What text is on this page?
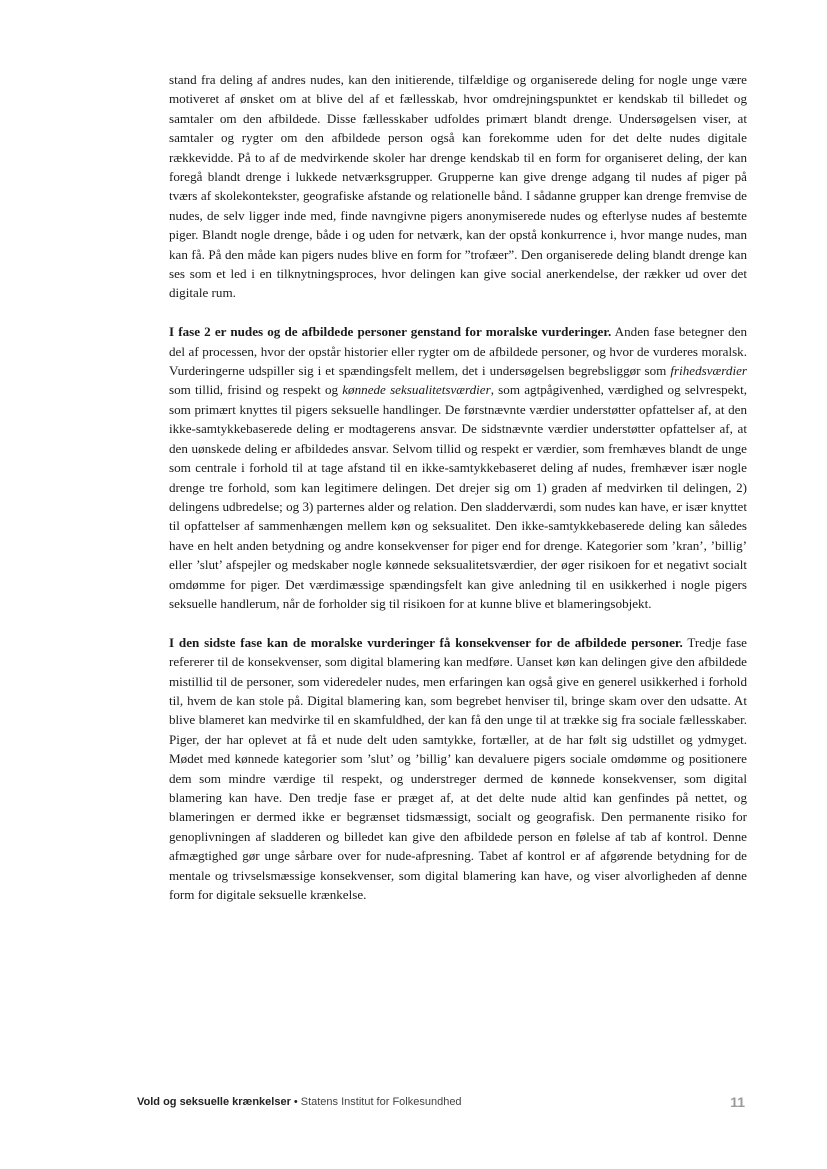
stand fra deling af andres nudes, kan den initierende, tilfældige og organiserede deling for nogle unge være motiveret af ønsket om at blive del af et fællesskab, hvor omdrejningspunktet er kendskab til billedet og samtaler om den afbildede. Disse fællesskaber udfoldes primært blandt drenge. Undersøgelsen viser, at samtaler og rygter om den afbildede person også kan forekomme uden for det delte nudes digitale rækkevidde. På to af de medvirkende skoler har drenge kendskab til en form for organiseret deling, der kan foregå blandt drenge i lukkede netværksgrupper. Grupperne kan give drenge adgang til nudes af piger på tværs af skolekontekster, geografiske afstande og relationelle bånd. I sådanne grupper kan drenge fremvise de nudes, de selv ligger inde med, finde navngivne pigers anonymiserede nudes og efterlyse nudes af bestemte piger. Blandt nogle drenge, både i og uden for netværk, kan der opstå konkurrence i, hvor mange nudes, man kan få. På den måde kan pigers nudes blive en form for ”trofæer”. Den organiserede deling blandt drenge kan ses som et led i en tilknytningsproces, hvor delingen kan give social anerkendelse, der rækker ud over det digitale rum.

I fase 2 er nudes og de afbildede personer genstand for moralske vurderinger. Anden fase betegner den del af processen, hvor der opstår historier eller rygter om de afbildede personer, og hvor de vurderes moralsk. Vurderingerne udspiller sig i et spændingsfelt mellem, det i undersøgelsen begrebsliggør som frihedsværdier som tillid, frisind og respekt og kønnede seksualitetsværdier, som agtpågivenhed, værdighed og selvrespekt, som primært knyttes til pigers seksuelle handlinger. De førstnævnte værdier understøtter opfattelser af, at den ikke-samtykkebaserede deling er modtagerens ansvar. De sidstnævnte værdier understøtter opfattelser af, at den uønskede deling er afbildedes ansvar. Selvom tillid og respekt er værdier, som fremhæves blandt de unge som centrale i forhold til at tage afstand til en ikke-samtykkebaseret deling af nudes, fremhæver især nogle drenge tre forhold, som kan legitimere delingen. Det drejer sig om 1) graden af medvirken til delingen, 2) delingens udbredelse; og 3) parternes alder og relation. Den sladderværdi, som nudes kan have, er især knyttet til opfattelser af sammenhængen mellem køn og seksualitet. Den ikke-samtykkebaserede deling kan således have en helt anden betydning og andre konsekvenser for piger end for drenge. Kategorier som ’kran’, ’billig’ eller ’slut’ afspejler og medskaber nogle kønnede seksualitetsværdier, der øger risikoen for et negativt socialt omdømme for piger. Det værdimæssige spændingsfelt kan give anledning til en usikkerhed i nogle pigers seksuelle handlerum, når de forholder sig til risikoen for at kunne blive et blameringsobjekt.

I den sidste fase kan de moralske vurderinger få konsekvenser for de afbildede personer. Tredje fase refererer til de konsekvenser, som digital blamering kan medføre. Uanset køn kan delingen give den afbildede mistillid til de personer, som videredeler nudes, men erfaringen kan også give en generel usikkerhed i forhold til, hvem de kan stole på. Digital blamering kan, som begrebet henviser til, bringe skam over den udsatte. At blive blameret kan medvirke til en skamfuldhed, der kan få den unge til at trække sig fra sociale fællesskaber. Piger, der har oplevet at få et nude delt uden samtykke, fortæller, at de har følt sig udstillet og ydmyget. Mødet med kønnede kategorier som ’slut’ og ’billig’ kan devaluere pigers sociale omdømme og positionere dem som mindre værdige til respekt, og understreger dermed de kønnede konsekvenser, som digital blamering kan have. Den tredje fase er præget af, at det delte nude altid kan genfindes på nettet, og blameringen er dermed ikke er begrænset tidsmæssigt, socialt og geografisk. Den permanente risiko for genoplivningen af sladderen og billedet kan give den afbildede person en følelse af tab af kontrol. Denne afmægtighed gør unge sårbare over for nude-afpresning. Tabet af kontrol er af afgørende betydning for de mentale og trivselsmæssige konsekvenser, som digital blamering kan have, og viser alvorligheden af denne form for digitale seksuelle krænkelse.

Vold og seksuelle krænkelser • Statens Institut for Folkesundhed	11
